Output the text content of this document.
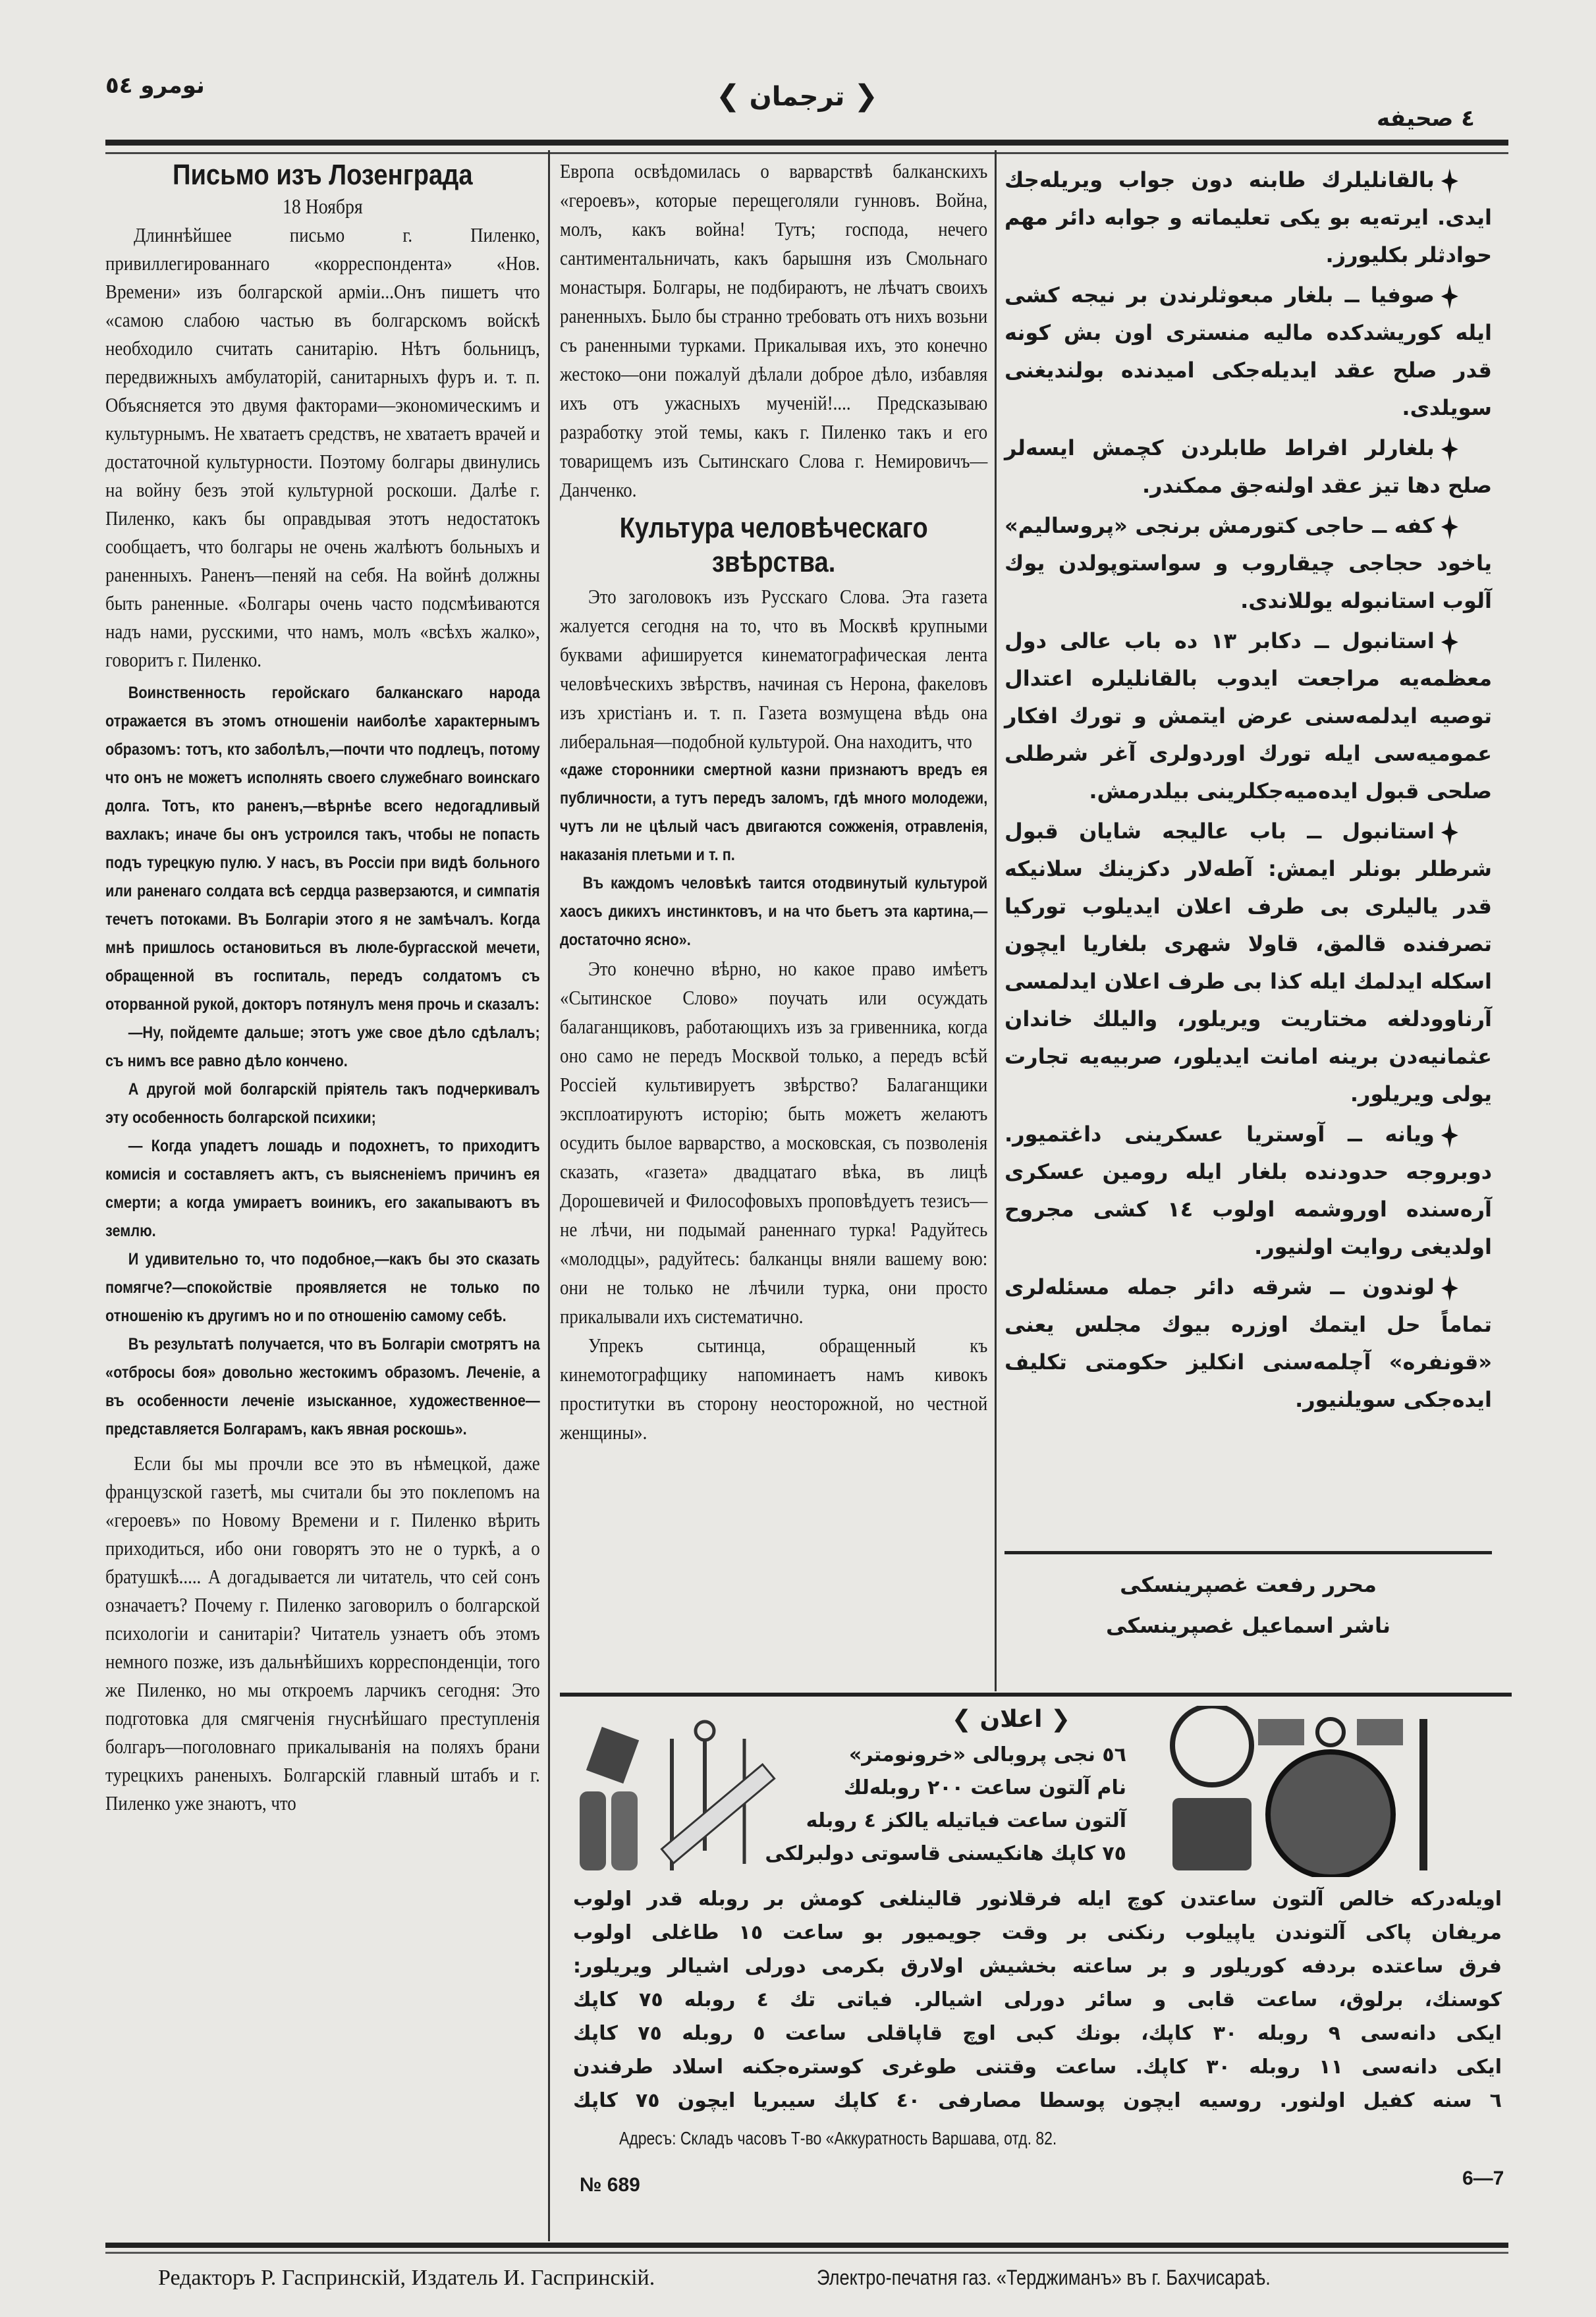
نومرو ٥٤	❮ ترجمان ❯
٤ صحیفه
Письмо изъ Лозенграда
18 Ноября

Длиннѣйшее письмо г. Пиленко, привиллегированнаго «корреспондента» «Нов. Времени» изъ болгарской арміи...Онъ пишетъ что «самою слабою частью въ болгарскомъ войскѣ необходило считать санитарію. Нѣтъ больницъ, передвижныхъ амбулаторій, санитарныхъ фуръ и. т. п. Объясняется это двумя факторами—экономическимъ и культурнымъ. Не хватаетъ средствъ, не хватаетъ врачей и достаточной культурности. Поэтому болгары двинулись на войну безъ этой культурной роскоши. Далѣе г. Пиленко, какъ бы оправдывая этотъ недостатокъ сообщаетъ, что болгары не очень жалѣютъ больныхъ и раненныхъ. Раненъ—пеняй на себя. На войнѣ должны быть раненные. «Болгары очень часто подсмѣиваются надъ нами, русскими, что намъ, молъ «всѣхъ жалко», говоритъ г. Пиленко.

Воинственность геройскаго балканскаго народа отражается въ этомъ отношеніи наиболѣе характернымъ образомъ: тотъ, кто заболѣлъ,—почти что подлецъ, потому что онъ не можетъ исполнять своего служебнаго воинскаго долга. Тотъ, кто раненъ,—вѣрнѣе всего недогадливый вахлакъ; иначе бы онъ устроился такъ, чтобы не попасть подъ турецкую пулю. У насъ, въ Россіи при видѣ больного или раненаго солдата всѣ сердца разверзаются, и симпатія течетъ потоками. Въ Болгаріи этого я не замѣчалъ. Когда мнѣ пришлось остановиться въ люле-бургасской мечети, обращенной въ госпиталь, передъ солдатомъ съ оторванной рукой, докторъ потянулъ меня прочь и сказалъ:

—Ну, пойдемте дальше; этотъ уже свое дѣло сдѣлалъ; съ нимъ все равно дѣло кончено.

А другой мой болгарскій пріятель такъ подчеркивалъ эту особенность болгарской психики;

— Когда упадетъ лошадь и подохнетъ, то приходитъ комисія и составляетъ актъ, съ выясненіемъ причинъ ея смерти; а когда умираетъ воиникъ, его закапываютъ въ землю.

И удивительно то, что подобное,—какъ бы это сказать помягче?—спокойствіе проявляется не только по отношенію къ другимъ но и по отношенію самому себѣ.

Въ результатѣ получается, что въ Болгаріи смотрятъ на «отбросы боя» довольно жестокимъ образомъ. Леченіе, а въ особенности леченіе изысканное, художественное—представляется Болгарамъ, какъ явная роскошь».

Если бы мы прочли все это въ нѣмецкой, даже французской газетѣ, мы считали бы это поклепомъ на «героевъ» по Новому Времени и г. Пиленко вѣрить приходиться, ибо они говорятъ это не о туркѣ, а о братушкѣ..... А догадывается ли читатель, что сей сонъ означаетъ? Почему г. Пиленко заговорилъ о болгарской психологіи и санитаріи? Читатель узнаетъ объ этомъ немного позже, изъ дальнѣйшихъ корреспонденціи, того же Пиленко, но мы откроемъ ларчикъ сегодня: Это подготовка для смягченія гнуснѣйшаго преступленія болгаръ—поголовнаго прикалыванія на поляхъ брани турецкихъ раненыхъ. Болгарскій главный штабъ и г. Пиленко уже знаютъ, что

Европа освѣдомилась о варварствѣ балканскихъ «героевъ», которые перещеголяли гунновъ. Война, молъ, какъ война! Тутъ; господа, нечего сантиментальничать, какъ барышня изъ Смольнаго монастыря. Болгары, не подбираютъ, не лѣчатъ своихъ раненныхъ. Было бы странно требовать отъ нихъ возьни съ раненными турками. Прикалывая ихъ, это конечно жестоко—они пожалуй дѣлали доброе дѣло, избавляя ихъ отъ ужасныхъ мученій!.... Предсказываю разработку этой темы, какъ г. Пиленко такъ и его товарищемъ изъ Сытинскаго Слова г. Немировичъ—Данченко.

Культура человѣческаго звѣрства.

Это заголовокъ изъ Русскаго Слова. Эта газета жалуется сегодня на то, что въ Москвѣ крупными буквами афишируется кинематографическая лента человѣческихъ звѣрствъ, начиная съ Нерона, факеловъ изъ христіанъ и. т. п. Газета возмущена вѣдь она либеральная—подобной культурой. Она находитъ, что

«даже сторонники смертной казни признаютъ вредъ ея публичности, а тутъ передъ заломъ, гдѣ много молодежи, чутъ ли не цѣлый часъ двигаются сожженія, отравленія, наказанія плетьми и т. п.

Въ каждомъ человѣкѣ таится отодвинутый культурой хаосъ дикихъ инстинктовъ, и на что бьетъ эта картина,—достаточно ясно».

Это конечно вѣрно, но какое право имѣетъ «Сытинское Слово» поучать или осуждать балаганщиковъ, работающихъ изъ за гривенника, когда оно само не передъ Москвой только, а передъ всѣй Россіей культивируетъ звѣрство? Балаганщики эксплоатируютъ исторію; быть можетъ желаютъ осудить былое варварство, а московская, съ позволенія сказать, «газета» двадцатаго вѣка, въ лицѣ Дорошевичей и Философовыхъ проповѣдуетъ тезисъ—не лѣчи, ни подымай раненнаго турка! Радуйтесь «молодцы», радуйтесь: балканцы вняли вашему вою: они не только не лѣчили турка, они просто прикалывали ихъ систематично.

Упрекъ сытинца, обращенный къ кинемотографщику напоминаетъ намъ кивокъ проститутки въ сторону неосторожной, но честной женщины».

بالقانلیلرك طابنه دون جواب ویریله‌جك ایدی. ایرته‌یه بو یکی تعلیماته و جوابه دائر مهم حوادثلر بکلیورز.

صوفیا ــ بلغار مبعوثلرندن بر نیجه کشی ایله کوریشدکده مالیه منستری اون بش کونه قدر صلح عقد ایدیله‌جکی امیدنده بولندیغنی سویلدی.

بلغارلر افراط طابلردن کچمش ایسه‌لر صلح دها تیز عقد اولنه‌جق ممکندر.

کفه ــ حاجی کتورمش برنجی «پروسالیم» یاخود حجاجی چیقاروب و سواستوپولدن یوك آلوب استانبوله یوللاندی.

استانبول ــ دکابر ١٣ ده باب عالی دول معظمه‌یه مراجعت ایدوب بالقانلیلره اعتدال توصیه ایدلمه‌سنی عرض ایتمش و تورك افکار عمومیه‌سی ایله تورك اوردولری آغر شرطلی صلحی قبول ایده‌میه‌جکلرینی بیلدرمش.

استانبول ــ باب عالیجه شایان قبول شرطلر بونلر ایمش: آطه‌لار دکزینك سلانیکه قدر یالیلری بی طرف اعلان ایدیلوب تورکیا تصرفنده قالمق، قاولا شهری بلغاریا ایچون اسکله ایدلمك ایله کذا بی طرف اعلان ایدلمسی آرناوودلغه مختاریت ویریلور، والیلك خاندان عثمانیه‌دن برینه امانت ایدیلور، صربیه‌یه تجارت یولی ویریلور.

ویانه ــ آوستریا عسکرینی داغتمیور. دوبروجه حدودنده بلغار ایله رومین عسکری آره‌سنده اوروشمه اولوب ١٤ کشی مجروح اولدیغی روایت اولنیور.

لوندون ــ شرقه دائر جمله مسئله‌لری تماماً حل ایتمك اوزره بیوك مجلس یعنی «قونفره» آچلمه‌سنی انکلیز حکومتی تکلیف ایده‌جکی سویلنیور.

محرر رفعت غصپرینسکی
ناشر اسماعیل غصپرینسکی
❮ اعلان ❯
٥٦ نجی پروبالی «خرونومتر»
نام آلتون ساعت ٢٠٠ روبله‌لك
آلتون ساعت فیاتیله یالکز ٤ روبله
٧٥ کاپك هانکیسنی قاسوتی دولبرلکی
اویله‌درکه خالص آلتون ساعتدن کوچ ایله فرقلانور قالینلغی کومش بر روبله قدر اولوب
مریفان پاکی آلتوندن یاپیلوب رنکنی بر وقت جویمیور بو ساعت ١٥ طاغلی اولوب
فرق ساعتده بردفه کوریلور و بر ساعته بخشیش اولارق بکرمی دورلی اشیالر ویریلور:
کوسنك، برلوق، ساعت قابی و سائر دورلی اشیالر. فیاتی تك ٤ روبله ٧٥ کاپك
ایکی دانه‌سی ٩ روبله ٣٠ کاپك، بونك کبی اوچ قاپاقلی ساعت ٥ روبله ٧٥ کاپك
ایکی دانه‌سی ١١ روبله ٣٠ کاپك. ساعت وقتنی طوغری کوستره‌جکنه اسلاد طرفندن
٦ سنه کفیل اولنور. روسیه ایچون پوسطا مصارفی ٤٠ کاپك سیبریا ایچون ٧٥ کاپك
Адресъ: Складъ часовъ Т-во «Аккуратность Варшава, отд. 82.
№ 689	6—7
Редакторъ Р. Гаспринскій, Издатель И. Гаспринскій.	Электро-печатня газ. «Терджиманъ» въ г. Бахчисараѣ.
